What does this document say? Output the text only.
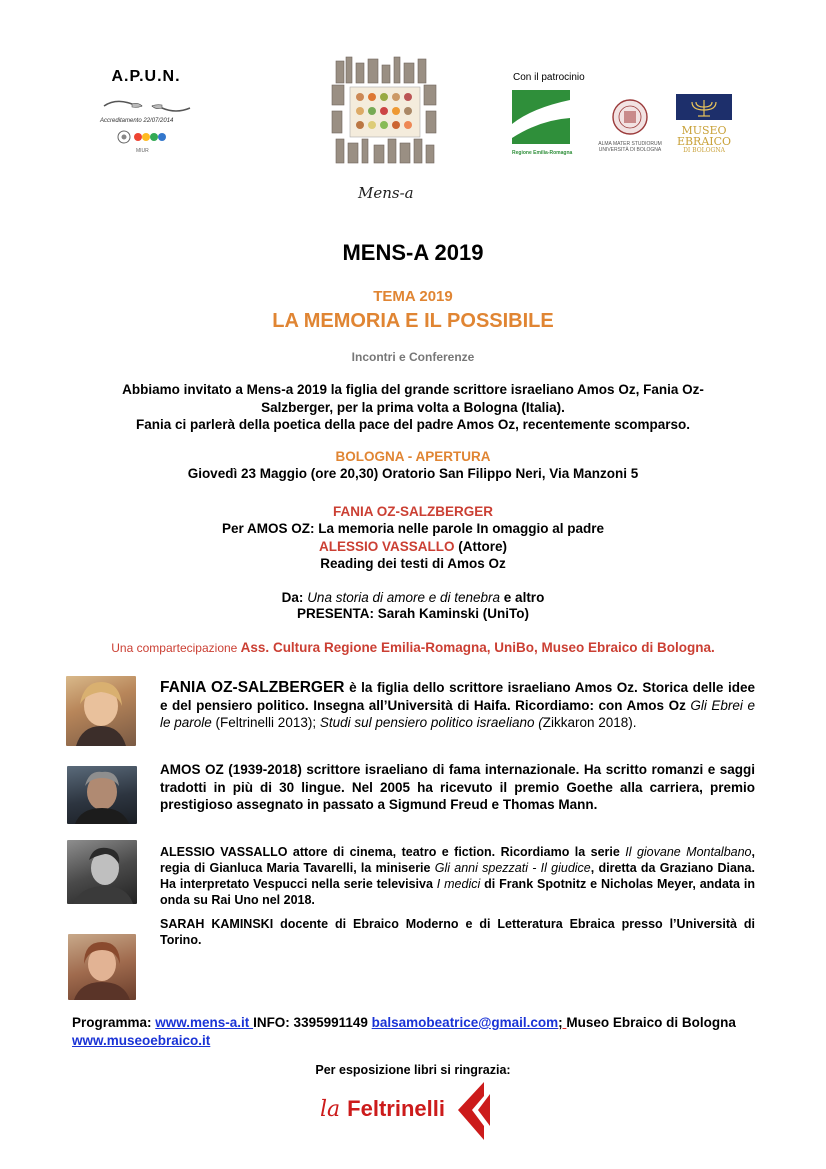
A.P.U.N.
Accreditamento 22/07/2014
MIUR
Mens-a
Con il patrocinio
Regione Emilia-Romagna
ALMA MATER STUDIORUM UNIVERSITÀ DI BOLOGNA
MUSEO
EBRAICO
DI BOLOGNA
MENS-A 2019
TEMA 2019
LA MEMORIA E IL POSSIBILE
Incontri e Conferenze
Abbiamo invitato a Mens-a 2019 la figlia del grande scrittore israeliano Amos Oz, Fania Oz-
Salzberger, per la prima volta a Bologna (Italia).
Fania ci parlerà della poetica della pace del padre Amos Oz, recentemente scomparso.
BOLOGNA - APERTURA
Giovedì 23 Maggio (ore 20,30) Oratorio San Filippo Neri, Via Manzoni 5
FANIA OZ-SALZBERGER
Per AMOS OZ: La memoria nelle parole In omaggio al padre
ALESSIO VASSALLO (Attore)
Reading dei testi di Amos Oz
Da: Una storia di amore e di tenebra e altro
PRESENTA: Sarah Kaminski (UniTo)
Una compartecipazione Ass. Cultura Regione Emilia-Romagna, UniBo, Museo Ebraico di Bologna.
FANIA OZ-SALZBERGER è la figlia dello scrittore israeliano Amos Oz. Storica delle idee e del pensiero politico. Insegna all’Università di Haifa. Ricordiamo: con Amos Oz Gli Ebrei e le parole (Feltrinelli 2013); Studi sul pensiero politico israeliano (Zikkaron 2018).
AMOS OZ (1939-2018) scrittore israeliano di fama internazionale. Ha scritto romanzi e saggi tradotti in più di 30 lingue. Nel 2005 ha ricevuto il premio Goethe alla carriera, premio prestigioso assegnato in passato a Sigmund Freud e Thomas Mann.
ALESSIO VASSALLO attore di cinema, teatro e fiction. Ricordiamo la serie Il giovane Montalbano, regia di Gianluca Maria Tavarelli, la miniserie Gli anni spezzati - Il giudice, diretta da Graziano Diana. Ha interpretato Vespucci nella serie televisiva I medici di Frank Spotnitz e Nicholas Meyer, andata in onda su Rai Uno nel 2018.
SARAH KAMINSKI docente di Ebraico Moderno e di Letteratura Ebraica presso l’Università di Torino.
Programma: www.mens-a.it INFO: 3395991149 balsamobeatrice@gmail.com; Museo Ebraico di Bologna www.museoebraico.it
Per esposizione libri si ringrazia:
la Feltrinelli
